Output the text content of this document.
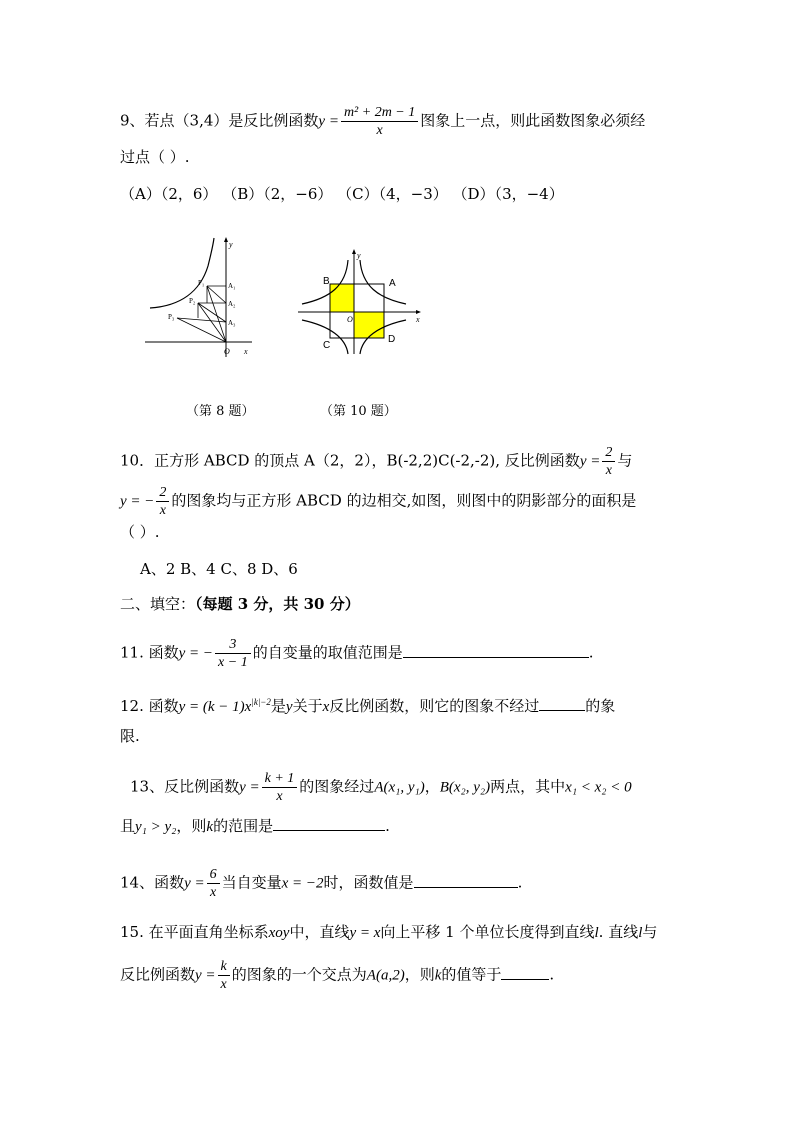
9、若点（3,4）是反比例函数$y = \frac{\text{m² + 2m − 1}}{x}$ 图象上一点，则此函数图象必须经
过点（ ）.
（A）（2，6） （B）（2，−6） （C）（4，−3） （D）（3，−4）
y
x
O
P₁
P₂
P₃
A₁
A₂
A₃
y
x
O
A
B
C
D
（第 8 题）	（第 10 题）
10．正方形 ABCD 的顶点 A（2，2），B(-2,2)C(-2,-2), 反比例函数$y = \frac{2}{x}$ 与
y = − $\frac{2}{x}$ 的图象均与正方形 ABCD 的边相交,如图，则图中的阴影部分的面积是
（ ）.
A、2 B、4 C、8 D、6
二、填空：（每题 3 分，共 30 分）
11. 函数y = − $\frac{3}{x - 1}$ 的自变量的取值范围是	.
12. 函数$y = (k - 1)x^{|k|-2}$是y关于x反比例函数，则它的图象不经过	的象
限.
13、反比例函数$y = \frac{k + 1}{x}$ 的图象经过A(x₁, y₁)，B(x₂, y₂)两点，其中x₁ < x₂ < 0
且y₁ > y₂，则k的范围是	.
14、函数$y = \frac{6}{x}$ 当自变量x = −2时，函数值是	.
15. 在平面直角坐标系xoy中，直线y = x向上平移 1 个单位长度得到直线l. 直线l与
反比例函数$y = \frac{k}{x}$ 的图象的一个交点为A(a,2)，则k的值等于	.
